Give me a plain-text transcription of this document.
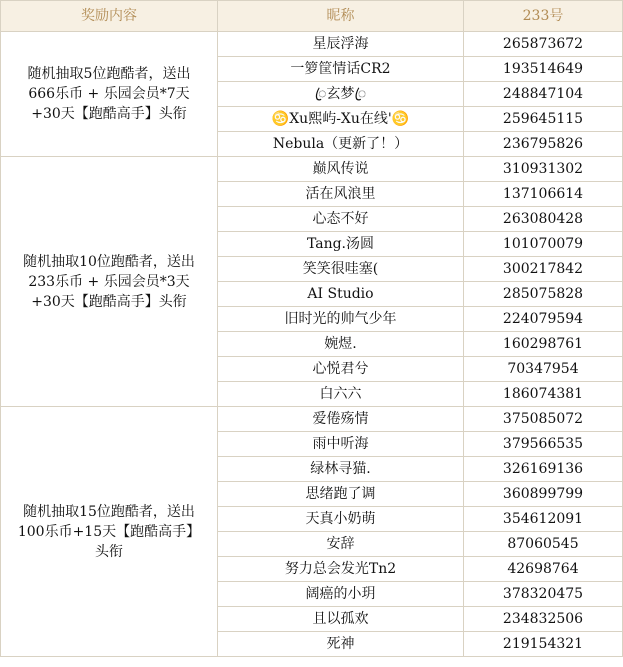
奖励内容	昵称	233号

随机抽取5位跑酷者，送出
666乐币 + 乐园会员*7天
+30天【跑酷高手】头衔	星辰浮海	265873672
	一箩筐情话CR2	193514649
	ꦿ玄梦ꦿ	248847104
	♋Xu熙屿-Xu在线'♋	259645115
	Nebula（更新了！）	236795826

随机抽取10位跑酷者，送出
233乐币 + 乐园会员*3天
+30天【跑酷高手】头衔	巅风传说	310931302
	活在风浪里	137106614
	心态不好	263080428
	Tang.汤圆	101070079
	笑笑很哇塞(	300217842
	AI Studio	285075828
	旧时光的帅气少年	224079594
	婉煜.	160298761
	心悦君兮	70347954
	白六六	186074381

随机抽取15位跑酷者，送出
100乐币+15天【跑酷高手】
头衔	爱倦殇情	375085072
	雨中听海	379566535
	绿林寻猫.	326169136
	思绪跑了调	360899799
	天真小奶萌	354612091
	安辞	87060545
	努力总会发光Tn2	42698764
	阔癌的小玥	378320475
	且以孤欢	234832506
	死神	219154321
